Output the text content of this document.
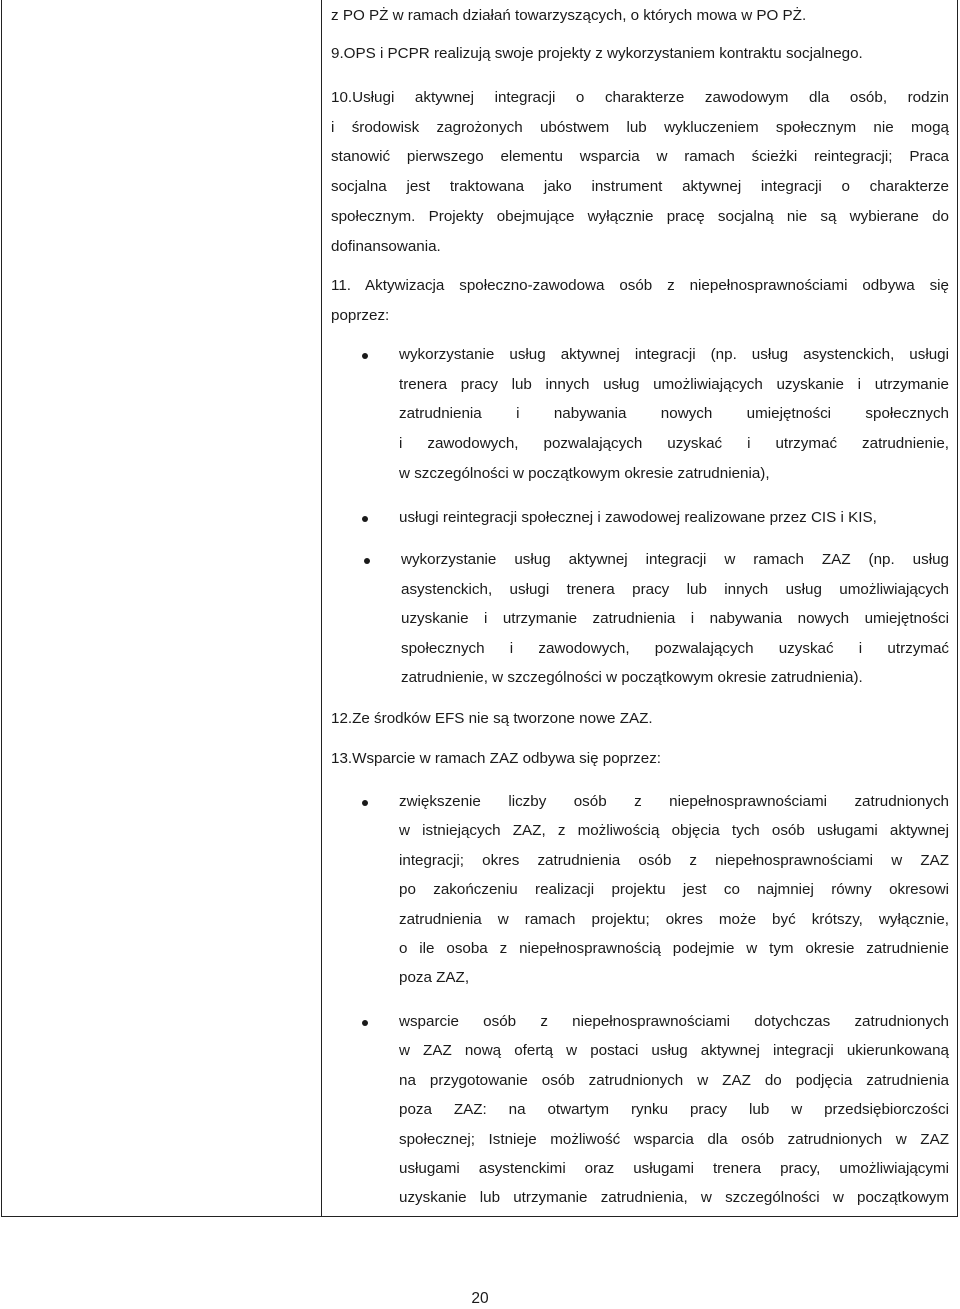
z PO PŻ w ramach działań towarzyszących, o których mowa w PO PŻ.
9.OPS i PCPR realizują swoje projekty z wykorzystaniem kontraktu socjalnego.
10.Usługi aktywnej integracji o charakterze zawodowym dla osób, rodzin
i środowisk zagrożonych ubóstwem lub wykluczeniem społecznym nie mogą
stanowić pierwszego elementu wsparcia w ramach ścieżki reintegracji; Praca
socjalna jest traktowana jako instrument aktywnej integracji o charakterze
społecznym. Projekty obejmujące wyłącznie pracę socjalną nie są wybierane do
dofinansowania.
11. Aktywizacja społeczno-zawodowa osób z niepełnosprawnościami odbywa się
poprzez:
wykorzystanie usług aktywnej integracji (np. usług asystenckich, usługi
trenera pracy lub innych usług umożliwiających uzyskanie i utrzymanie
zatrudnienia i nabywania nowych umiejętności społecznych
i zawodowych, pozwalających uzyskać i utrzymać zatrudnienie,
w szczególności w początkowym okresie zatrudnienia),
usługi reintegracji społecznej i zawodowej realizowane przez CIS i KIS,
wykorzystanie usług aktywnej integracji w ramach ZAZ (np. usług
asystenckich, usługi trenera pracy lub innych usług umożliwiających
uzyskanie i utrzymanie zatrudnienia i nabywania nowych umiejętności
społecznych i zawodowych, pozwalających uzyskać i utrzymać
zatrudnienie, w szczególności w początkowym okresie zatrudnienia).
12.Ze środków EFS nie są tworzone nowe ZAZ.
13.Wsparcie w ramach ZAZ odbywa się poprzez:
zwiększenie liczby osób z niepełnosprawnościami zatrudnionych
w istniejących ZAZ, z możliwością objęcia tych osób usługami aktywnej
integracji; okres zatrudnienia osób z niepełnosprawnościami w ZAZ
po zakończeniu realizacji projektu jest co najmniej równy okresowi
zatrudnienia w ramach projektu; okres może być krótszy, wyłącznie,
o ile osoba z niepełnosprawnością podejmie w tym okresie zatrudnienie
poza ZAZ,
wsparcie osób z niepełnosprawnościami dotychczas zatrudnionych
w ZAZ nową ofertą w postaci usług aktywnej integracji ukierunkowaną
na przygotowanie osób zatrudnionych w ZAZ do podjęcia zatrudnienia
poza ZAZ: na otwartym rynku pracy lub w przedsiębiorczości
społecznej; Istnieje możliwość wsparcia dla osób zatrudnionych w ZAZ
usługami asystenckimi oraz usługami trenera pracy, umożliwiającymi
uzyskanie lub utrzymanie zatrudnienia, w szczególności w początkowym
20
